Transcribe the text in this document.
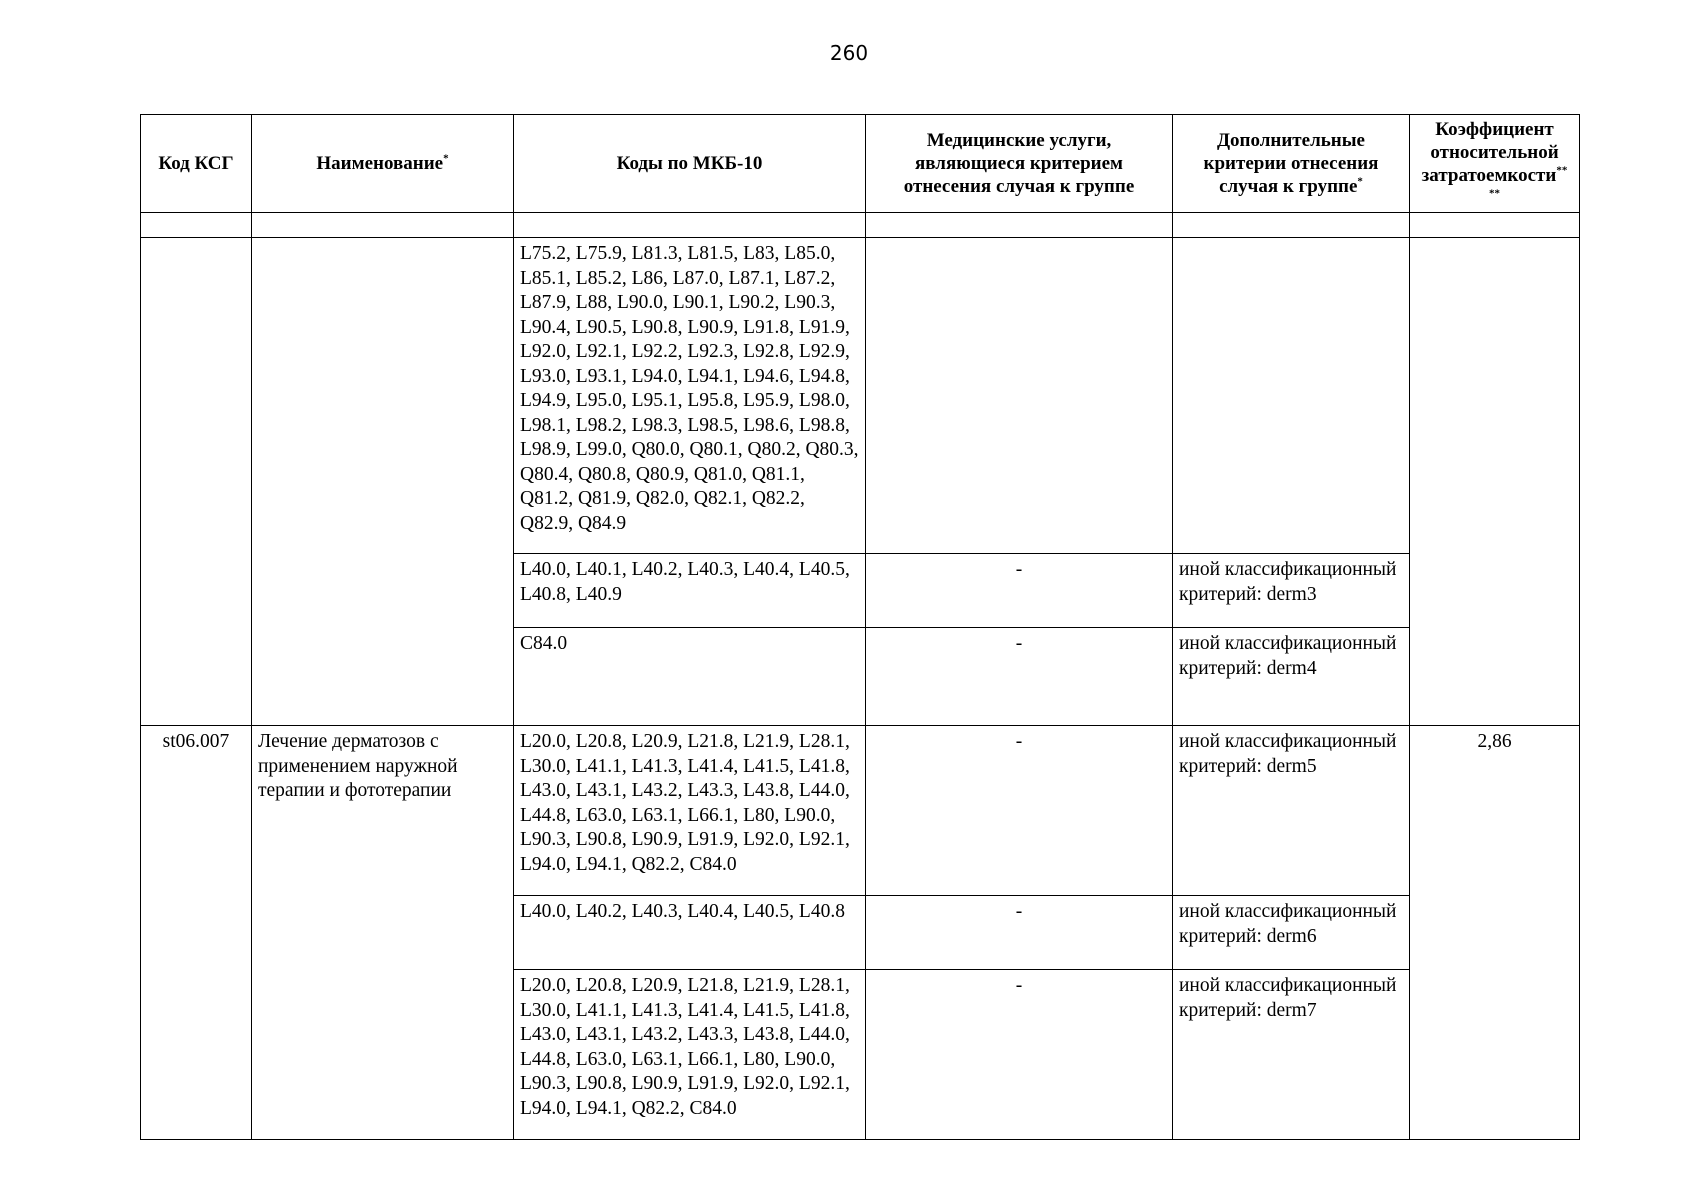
260
Код КСГ	Наименование*	Коды по МКБ-10	Медицинские услуги, являющиеся критерием отнесения случая к группе	Дополнительные критерии отнесения случая к группе*	Коэффициент относительной затратоемкости**
**

		L75.2, L75.9, L81.3, L81.5, L83, L85.0, L85.1, L85.2, L86, L87.0, L87.1, L87.2, L87.9, L88, L90.0, L90.1, L90.2, L90.3, L90.4, L90.5, L90.8, L90.9, L91.8, L91.9, L92.0, L92.1, L92.2, L92.3, L92.8, L92.9, L93.0, L93.1, L94.0, L94.1, L94.6, L94.8, L94.9, L95.0, L95.1, L95.8, L95.9, L98.0, L98.1, L98.2, L98.3, L98.5, L98.6, L98.8, L98.9, L99.0, Q80.0, Q80.1, Q80.2, Q80.3, Q80.4, Q80.8, Q80.9, Q81.0, Q81.1, Q81.2, Q81.9, Q82.0, Q82.1, Q82.2, Q82.9, Q84.9			
		L40.0, L40.1, L40.2, L40.3, L40.4, L40.5, L40.8, L40.9	-	иной классификационный критерий: derm3	
		C84.0	-	иной классификационный критерий: derm4	
st06.007	Лечение дерматозов с применением наружной терапии и фототерапии	L20.0, L20.8, L20.9, L21.8, L21.9, L28.1, L30.0, L41.1, L41.3, L41.4, L41.5, L41.8, L43.0, L43.1, L43.2, L43.3, L43.8, L44.0, L44.8, L63.0, L63.1, L66.1, L80, L90.0, L90.3, L90.8, L90.9, L91.9, L92.0, L92.1, L94.0, L94.1, Q82.2, C84.0	-	иной классификационный критерий: derm5	2,86
		L40.0, L40.2, L40.3, L40.4, L40.5, L40.8	-	иной классификационный критерий: derm6	
		L20.0, L20.8, L20.9, L21.8, L21.9, L28.1, L30.0, L41.1, L41.3, L41.4, L41.5, L41.8, L43.0, L43.1, L43.2, L43.3, L43.8, L44.0, L44.8, L63.0, L63.1, L66.1, L80, L90.0, L90.3, L90.8, L90.9, L91.9, L92.0, L92.1, L94.0, L94.1, Q82.2, C84.0	-	иной классификационный критерий: derm7	
